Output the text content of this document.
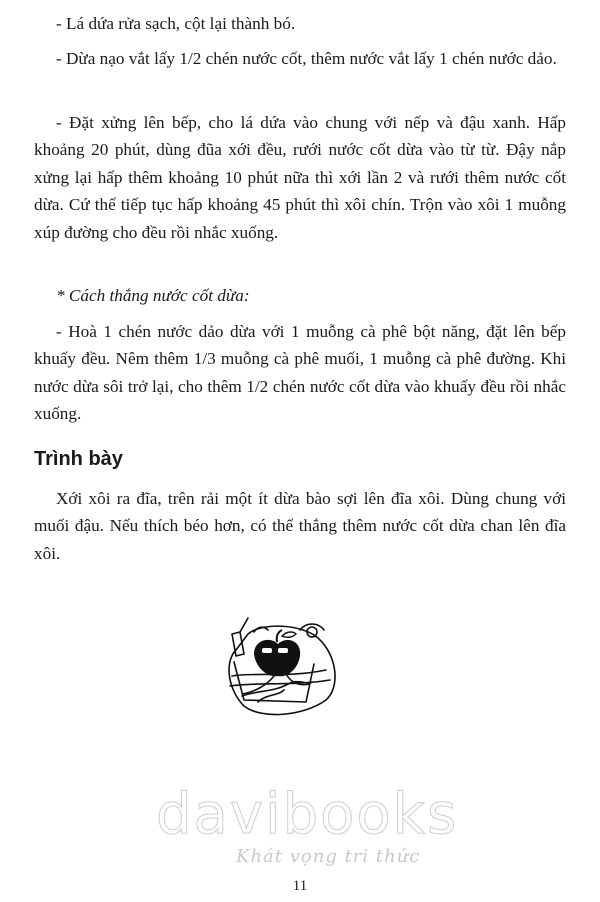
- Lá dứa rửa sạch, cột lại thành bó.

- Dừa nạo vắt lấy 1/2 chén nước cốt, thêm nước vắt lấy 1 chén nước dảo.

- Đặt xửng lên bếp, cho lá dứa vào chung với nếp và đậu xanh. Hấp khoảng 20 phút, dùng đũa xới đều, rưới nước cốt dừa vào từ từ. Đậy nắp xửng lại hấp thêm khoảng 10 phút nữa thì xới lần 2 và rưới thêm nước cốt dừa. Cứ thế tiếp tục hấp khoảng 45 phút thì xôi chín. Trộn vào xôi 1 muỗng xúp đường cho đều rồi nhắc xuống.

* Cách thắng nước cốt dừa:

- Hoà 1 chén nước dảo dừa với 1 muỗng cà phê bột năng, đặt lên bếp khuấy đều. Nêm thêm 1/3 muỗng cà phê muối, 1 muỗng cà phê đường. Khi nước dừa sôi trở lại, cho thêm 1/2 chén nước cốt dừa vào khuấy đều rồi nhắc xuống.

Trình bày

Xới xôi ra đĩa, trên rải một ít dừa bào sợi lên đĩa xôi. Dùng chung với muối đậu. Nếu thích béo hơn, có thể thắng thêm nước cốt dừa chan lên đĩa xôi.

davibooks
Khát vọng tri thức
11
